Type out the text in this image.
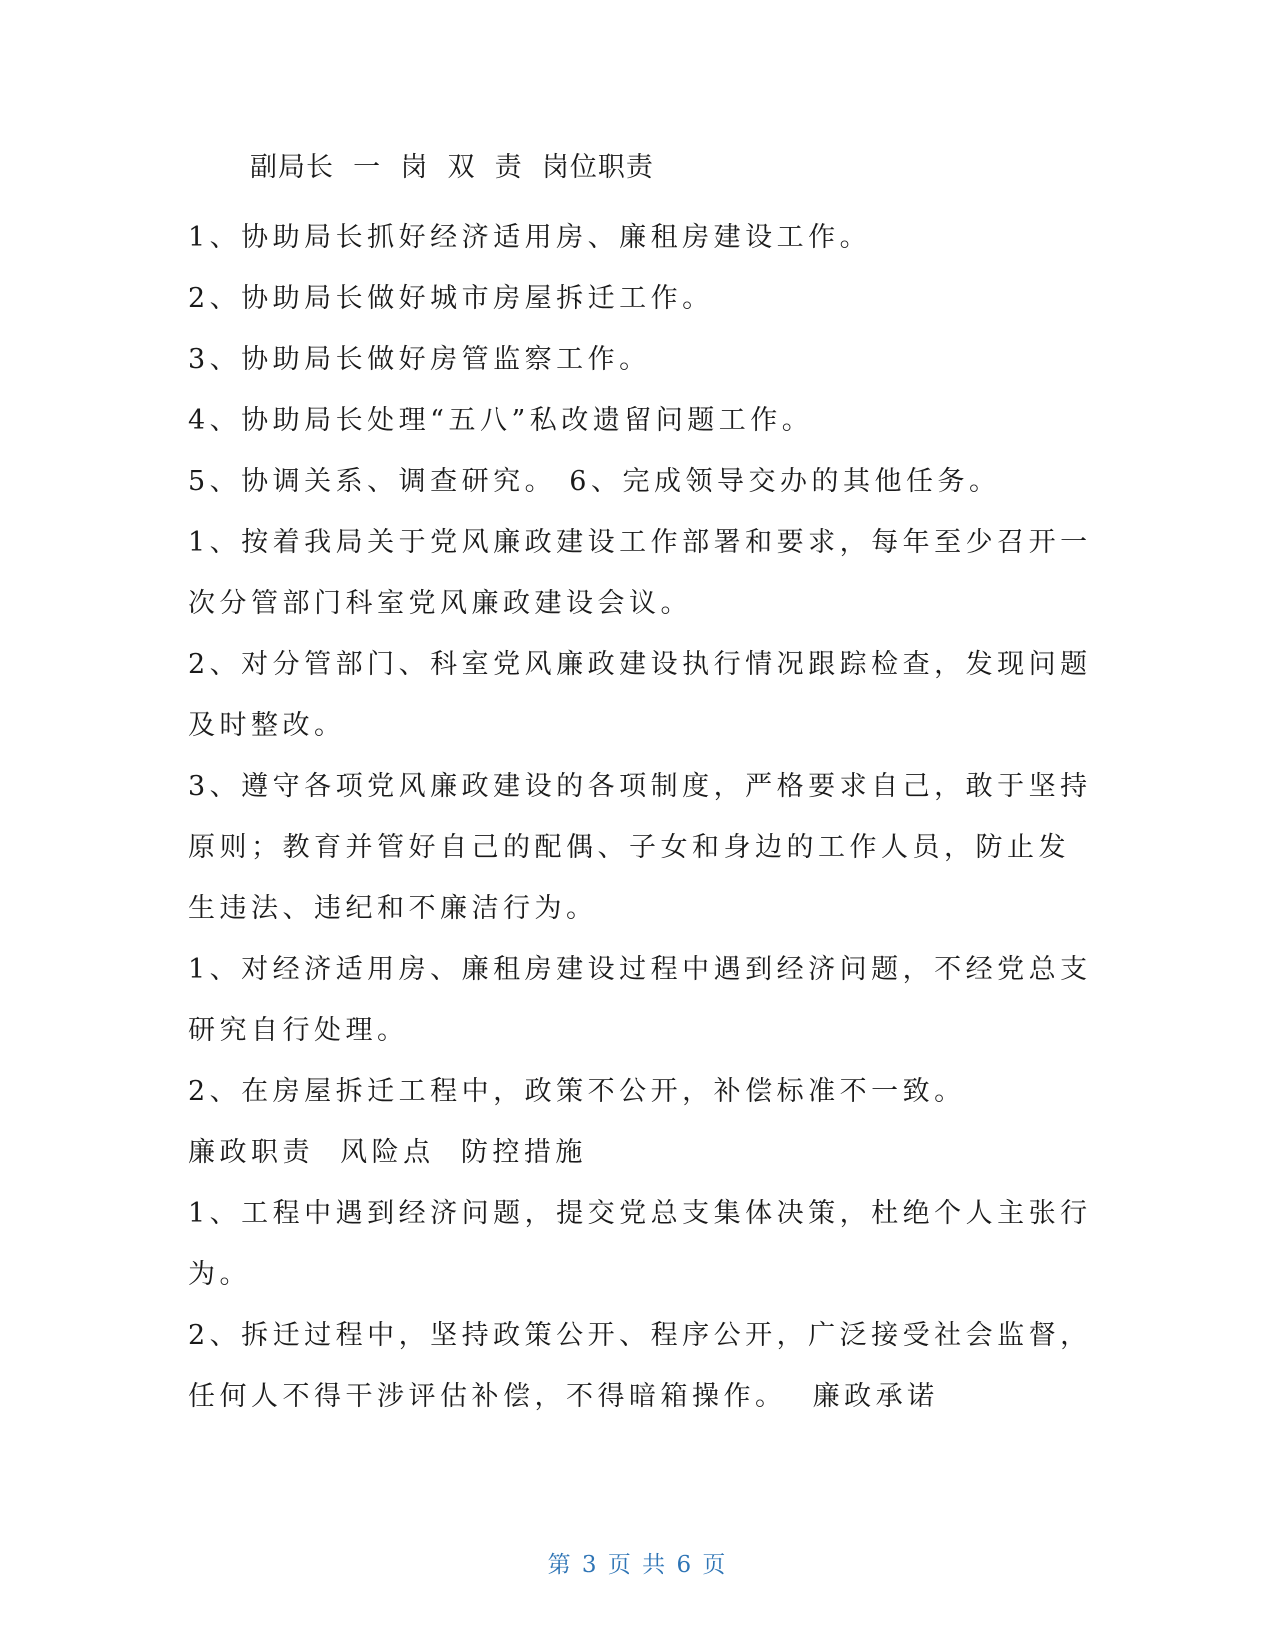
副局长  一  岗  双  责  岗位职责
1、协助局长抓好经济适用房、廉租房建设工作。
2、协助局长做好城市房屋拆迁工作。
3、协助局长做好房管监察工作。
4、协助局长处理“五八”私改遗留问题工作。
5、协调关系、调查研究。 6、完成领导交办的其他任务。
1、按着我局关于党风廉政建设工作部署和要求，每年至少召开一
次分管部门科室党风廉政建设会议。
2、对分管部门、科室党风廉政建设执行情况跟踪检查，发现问题
及时整改。
3、遵守各项党风廉政建设的各项制度，严格要求自己，敢于坚持
原则；教育并管好自己的配偶、子女和身边的工作人员，防止发
生违法、违纪和不廉洁行为。
1、对经济适用房、廉租房建设过程中遇到经济问题，不经党总支
研究自行处理。
2、在房屋拆迁工程中，政策不公开，补偿标准不一致。
廉政职责  风险点  防控措施
1、工程中遇到经济问题，提交党总支集体决策，杜绝个人主张行
为。
2、拆迁过程中，坚持政策公开、程序公开，广泛接受社会监督，
任何人不得干涉评估补偿，不得暗箱操作。  廉政承诺
第 3 页 共 6 页
